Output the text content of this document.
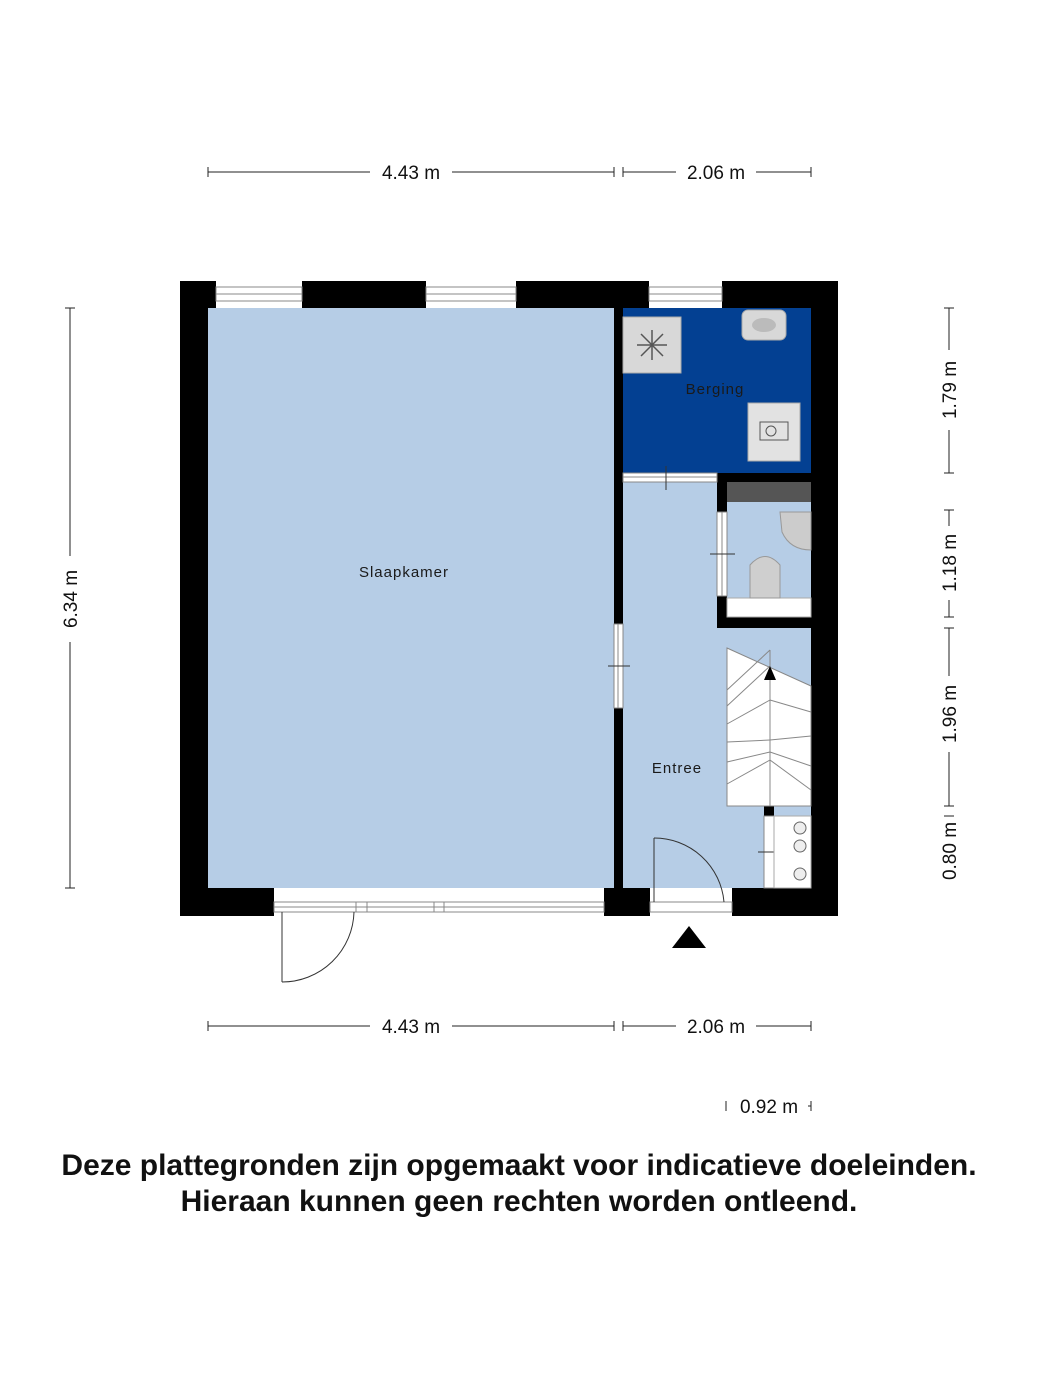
4.43 m	2.06 m
4.43 m	2.06 m
6.34 m
1.79 m
1.18 m
1.96 m
0.80 m
0.92 m
Slaapkamer
Berging
Entree
Deze plattegronden zijn opgemaakt voor indicatieve doeleinden.
Hieraan kunnen geen rechten worden ontleend.
